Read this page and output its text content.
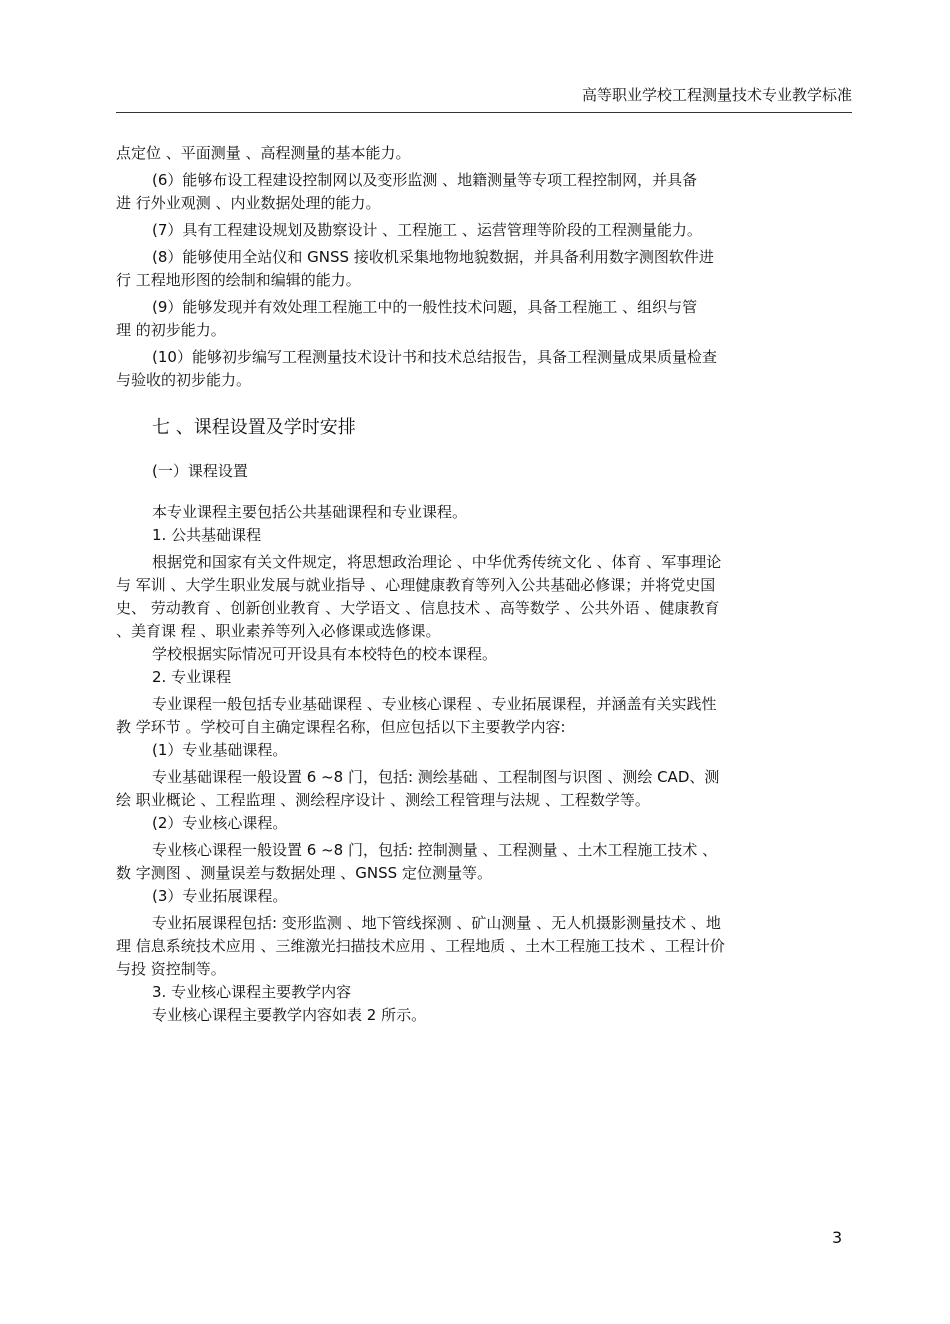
高等职业学校工程测量技术专业教学标准

点定位 、平面测量 、高程测量的基本能力。

(6）能够布设工程建设控制网以及变形监测 、地籍测量等专项工程控制网，并具备

进 行外业观测 、内业数据处理的能力。

(7）具有工程建设规划及勘察设计 、工程施工 、运营管理等阶段的工程测量能力。

(8）能够使用全站仪和 GNSS 接收机采集地物地貌数据，并具备利用数字测图软件进

行 工程地形图的绘制和编辑的能力。

(9）能够发现并有效处理工程施工中的一般性技术问题，具备工程施工 、组织与管

理 的初步能力。

(10）能够初步编写工程测量技术设计书和技术总结报告，具备工程测量成果质量检查

与验收的初步能力。

七 、课程设置及学时安排

(一）课程设置

本专业课程主要包括公共基础课程和专业课程。

1. 公共基础课程

根据党和国家有关文件规定，将思想政治理论 、中华优秀传统文化 、体育 、军事理论

与 军训 、大学生职业发展与就业指导 、心理健康教育等列入公共基础必修课；并将党史国

史、 劳动教育 、创新创业教育 、大学语文 、信息技术 、高等数学 、公共外语 、健康教育

、美育课 程 、职业素养等列入必修课或选修课。

学校根据实际情况可开设具有本校特色的校本课程。

2. 专业课程

专业课程一般包括专业基础课程 、专业核心课程 、专业拓展课程，并涵盖有关实践性

教 学环节 。学校可自主确定课程名称，但应包括以下主要教学内容:

(1）专业基础课程。

专业基础课程一般设置 6 ~8 门，包括: 测绘基础 、工程制图与识图 、测绘 CAD、测

绘 职业概论 、工程监理 、测绘程序设计 、测绘工程管理与法规 、工程数学等。

(2）专业核心课程。

专业核心课程一般设置 6 ~8 门，包括: 控制测量 、工程测量 、土木工程施工技术 、

数 字测图 、测量误差与数据处理 、GNSS 定位测量等。

(3）专业拓展课程。

专业拓展课程包括: 变形监测 、地下管线探测 、矿山测量 、无人机摄影测量技术 、地

理 信息系统技术应用 、三维激光扫描技术应用 、工程地质 、土木工程施工技术 、工程计价

与投 资控制等。

3. 专业核心课程主要教学内容

专业核心课程主要教学内容如表 2 所示。

3
